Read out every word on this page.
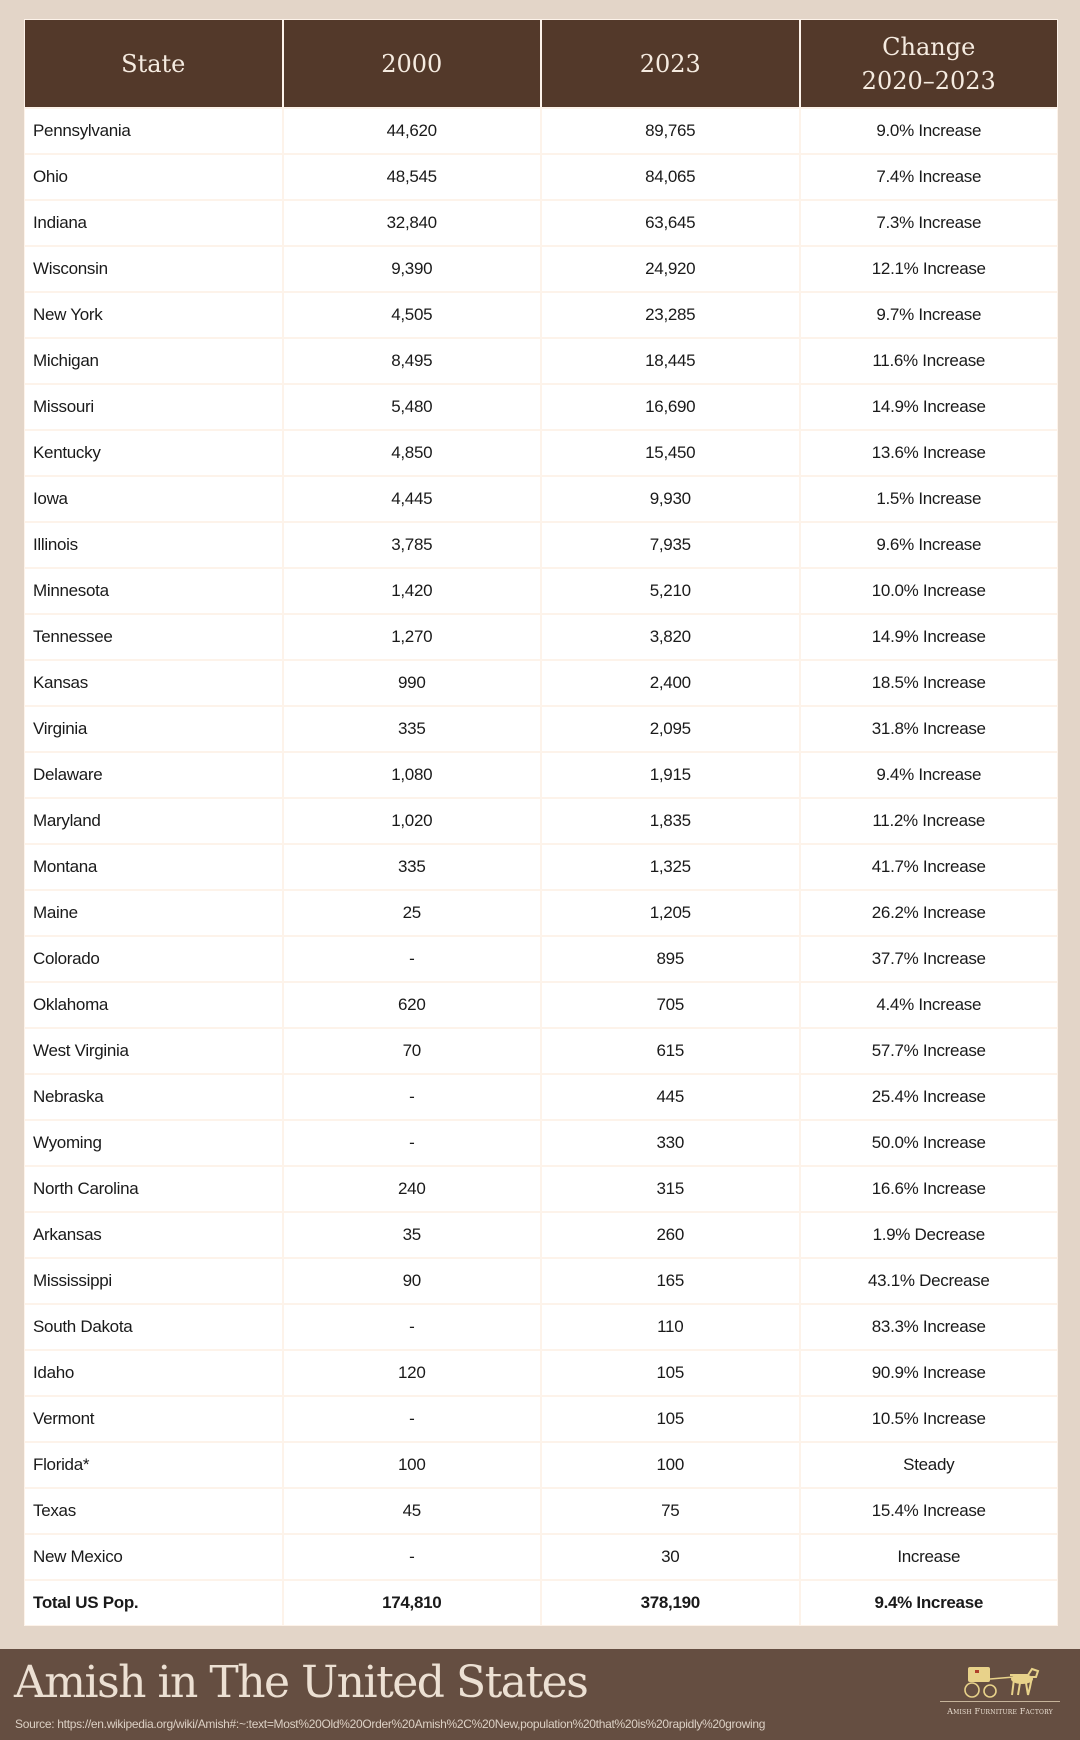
State	2000	2023	Change
2020–2023
Pennsylvania	44,620	89,765	9.0% Increase
Ohio	48,545	84,065	7.4% Increase
Indiana	32,840	63,645	7.3% Increase
Wisconsin	9,390	24,920	12.1% Increase
New York	4,505	23,285	9.7% Increase
Michigan	8,495	18,445	11.6% Increase
Missouri	5,480	16,690	14.9% Increase
Kentucky	4,850	15,450	13.6% Increase
Iowa	4,445	9,930	1.5% Increase
Illinois	3,785	7,935	9.6% Increase
Minnesota	1,420	5,210	10.0% Increase
Tennessee	1,270	3,820	14.9% Increase
Kansas	990	2,400	18.5% Increase
Virginia	335	2,095	31.8% Increase
Delaware	1,080	1,915	9.4% Increase
Maryland	1,020	1,835	11.2% Increase
Montana	335	1,325	41.7% Increase
Maine	25	1,205	26.2% Increase
Colorado	-	895	37.7% Increase
Oklahoma	620	705	4.4% Increase
West Virginia	70	615	57.7% Increase
Nebraska	-	445	25.4% Increase
Wyoming	-	330	50.0% Increase
North Carolina	240	315	16.6% Increase
Arkansas	35	260	1.9% Decrease
Mississippi	90	165	43.1% Decrease
South Dakota	-	110	83.3% Increase
Idaho	120	105	90.9% Increase
Vermont	-	105	10.5% Increase
Florida*	100	100	Steady
Texas	45	75	15.4% Increase
New Mexico	-	30	Increase
Total US Pop.	174,810	378,190	9.4% Increase
Amish in The United States
Source: https://en.wikipedia.org/wiki/Amish#:~:text=Most%20Old%20Order%20Amish%2C%20New,population%20that%20is%20rapidly%20growing
Amish Furniture Factory
